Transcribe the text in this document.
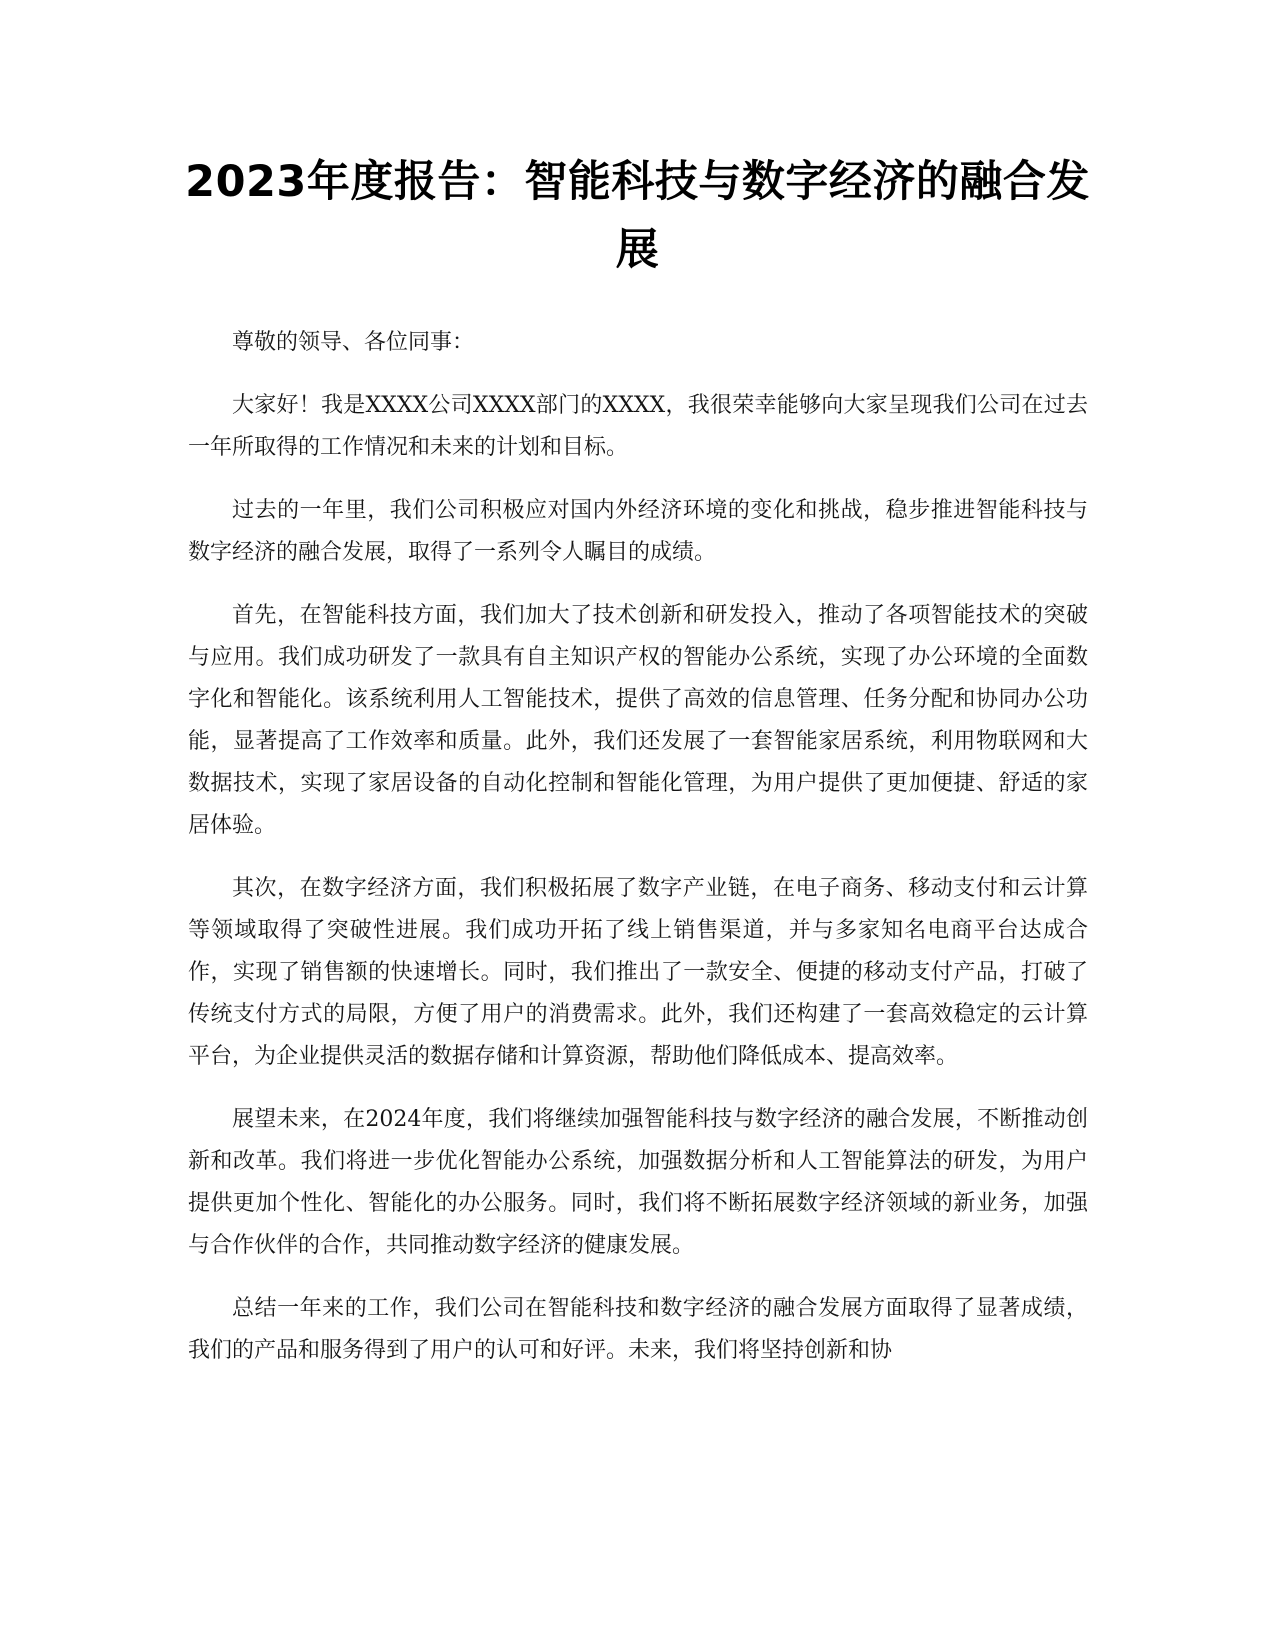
2023年度报告：智能科技与数字经济的融合发展

尊敬的领导、各位同事：

大家好！我是XXXX公司XXXX部门的XXXX，我很荣幸能够向大家呈现我们公司在过去一年所取得的工作情况和未来的计划和目标。

过去的一年里，我们公司积极应对国内外经济环境的变化和挑战，稳步推进智能科技与数字经济的融合发展，取得了一系列令人瞩目的成绩。

首先，在智能科技方面，我们加大了技术创新和研发投入，推动了各项智能技术的突破与应用。我们成功研发了一款具有自主知识产权的智能办公系统，实现了办公环境的全面数字化和智能化。该系统利用人工智能技术，提供了高效的信息管理、任务分配和协同办公功能，显著提高了工作效率和质量。此外，我们还发展了一套智能家居系统，利用物联网和大数据技术，实现了家居设备的自动化控制和智能化管理，为用户提供了更加便捷、舒适的家居体验。

其次，在数字经济方面，我们积极拓展了数字产业链，在电子商务、移动支付和云计算等领域取得了突破性进展。我们成功开拓了线上销售渠道，并与多家知名电商平台达成合作，实现了销售额的快速增长。同时，我们推出了一款安全、便捷的移动支付产品，打破了传统支付方式的局限，方便了用户的消费需求。此外，我们还构建了一套高效稳定的云计算平台，为企业提供灵活的数据存储和计算资源，帮助他们降低成本、提高效率。

展望未来，在2024年度，我们将继续加强智能科技与数字经济的融合发展，不断推动创新和改革。我们将进一步优化智能办公系统，加强数据分析和人工智能算法的研发，为用户提供更加个性化、智能化的办公服务。同时，我们将不断拓展数字经济领域的新业务，加强与合作伙伴的合作，共同推动数字经济的健康发展。

总结一年来的工作，我们公司在智能科技和数字经济的融合发展方面取得了显著成绩，我们的产品和服务得到了用户的认可和好评。未来，我们将坚持创新和协
